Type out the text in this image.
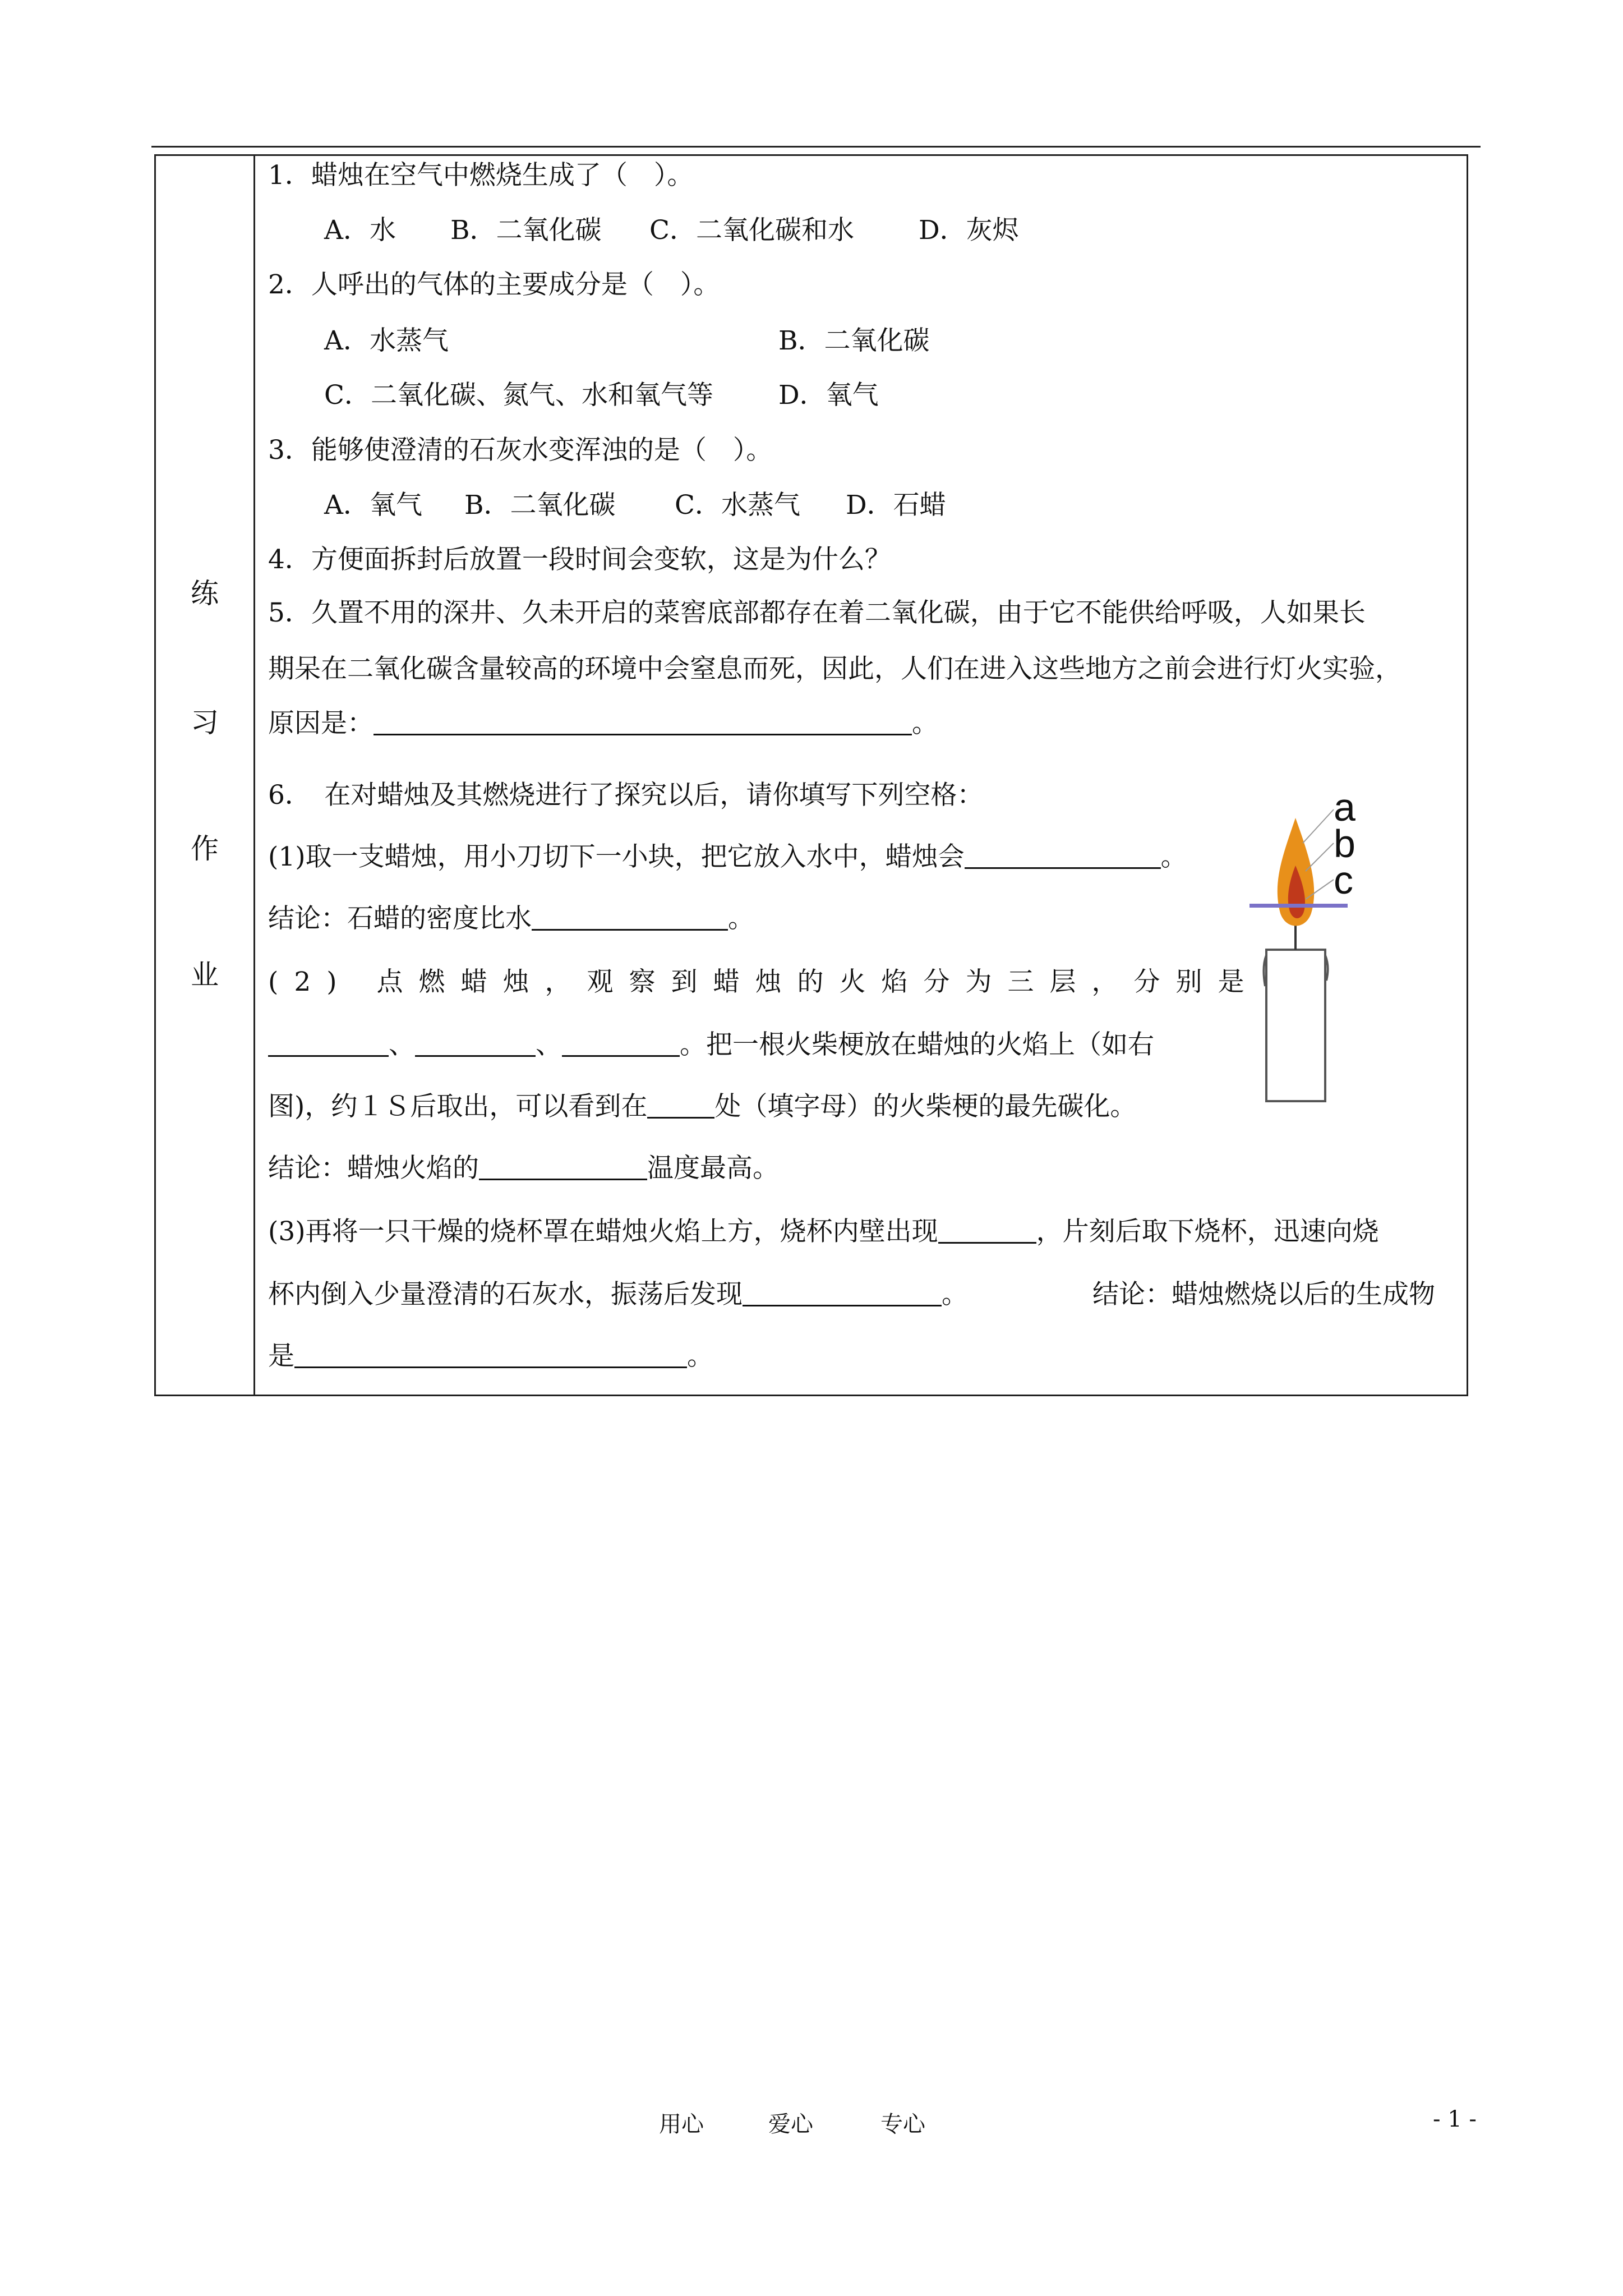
练
习
作
业
1．蜡烛在空气中燃烧生成了（　）。
A．水 B．二氧化碳 C．二氧化碳和水 D．灰烬
2．人呼出的气体的主要成分是（　）。
A．水蒸气	B．二氧化碳
C．二氧化碳、氮气、水和氧气等 D．氧气
3．能够使澄清的石灰水变浑浊的是（　）。
A．氧气 B．二氧化碳 C．水蒸气 D．石蜡
4．方便面拆封后放置一段时间会变软，这是为什么？
5．久置不用的深井、久未开启的菜窖底部都存在着二氧化碳，由于它不能供给呼吸，人如果长
期呆在二氧化碳含量较高的环境中会窒息而死，因此，人们在进入这些地方之前会进行灯火实验，
原因是：	。
6．　在对蜡烛及其燃烧进行了探究以后，请你填写下列空格：
(1)取一支蜡烛，用小刀切下一小块，把它放入水中，蜡烛会	。
结论：石蜡的密度比水	。
(2) 点燃蜡烛，观察到蜡烛的火焰分为三层，分别是
、	、	。把一根火柴梗放在蜡烛的火焰上（如右
图)，约１Ｓ后取出，可以看到在	处（填字母）的火柴梗的最先碳化。
结论：蜡烛火焰的	温度最高。
(3)再将一只干燥的烧杯罩在蜡烛火焰上方，烧杯内壁出现	，片刻后取下烧杯，迅速向烧
杯内倒入少量澄清的石灰水，振荡后发现	。	结论：蜡烛燃烧以后的生成物
是	。
a
b
c
用心	爱心	专心	- 1 -
